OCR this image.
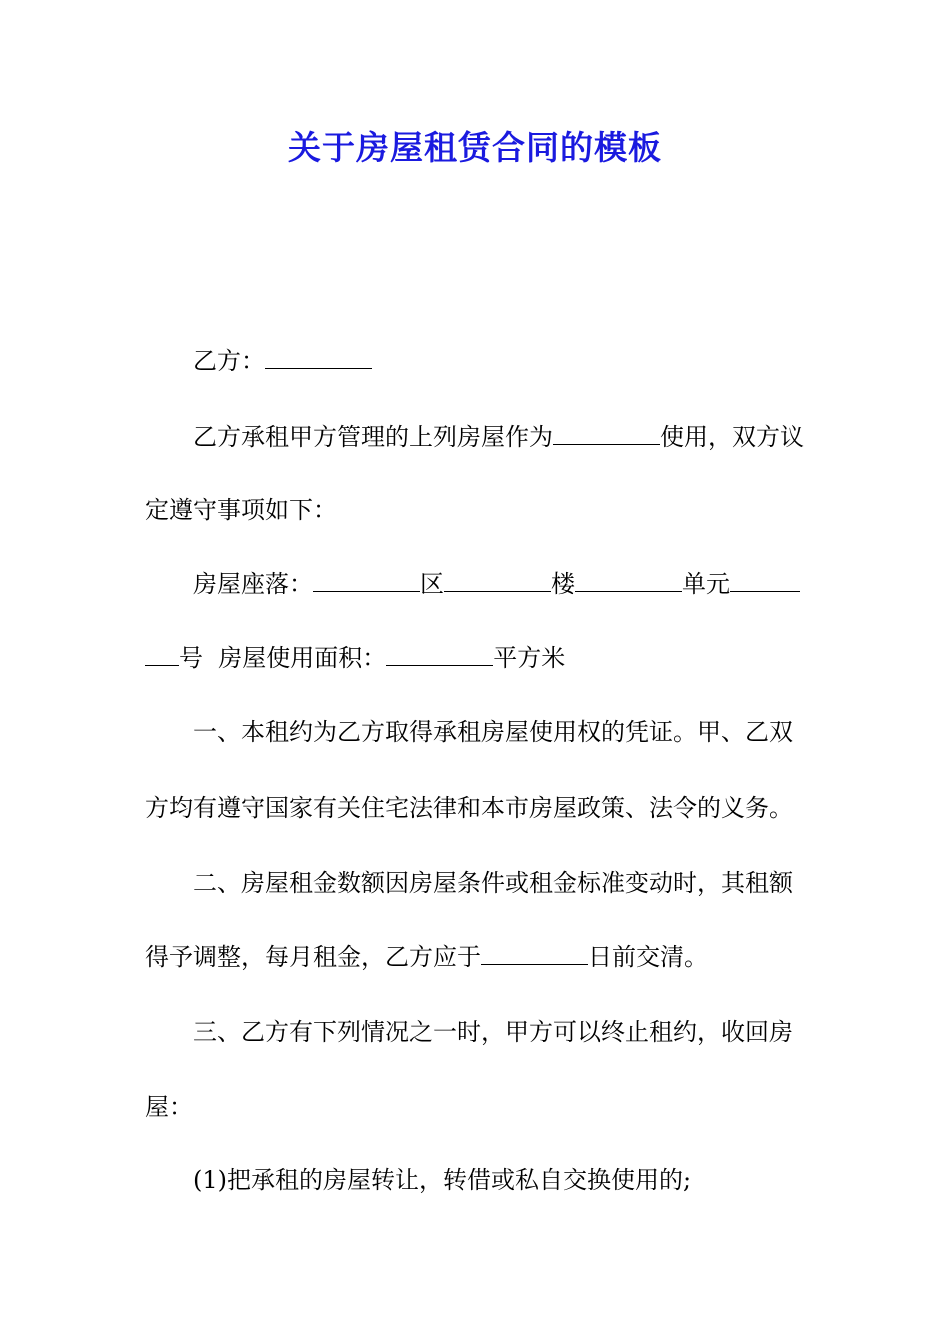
关于房屋租赁合同的模板
乙方：
乙方承租甲方管理的上列房屋作为	使用，双方议
定遵守事项如下：
房屋座落：	区	楼	单元
号 房屋使用面积：	平方米
一、本租约为乙方取得承租房屋使用权的凭证。甲、乙双
方均有遵守国家有关住宅法律和本市房屋政策、法令的义务。
二、房屋租金数额因房屋条件或租金标准变动时，其租额
得予调整，每月租金，乙方应于	日前交清。
三、乙方有下列情况之一时，甲方可以终止租约，收回房
屋：
(1)把承租的房屋转让，转借或私自交换使用的;
